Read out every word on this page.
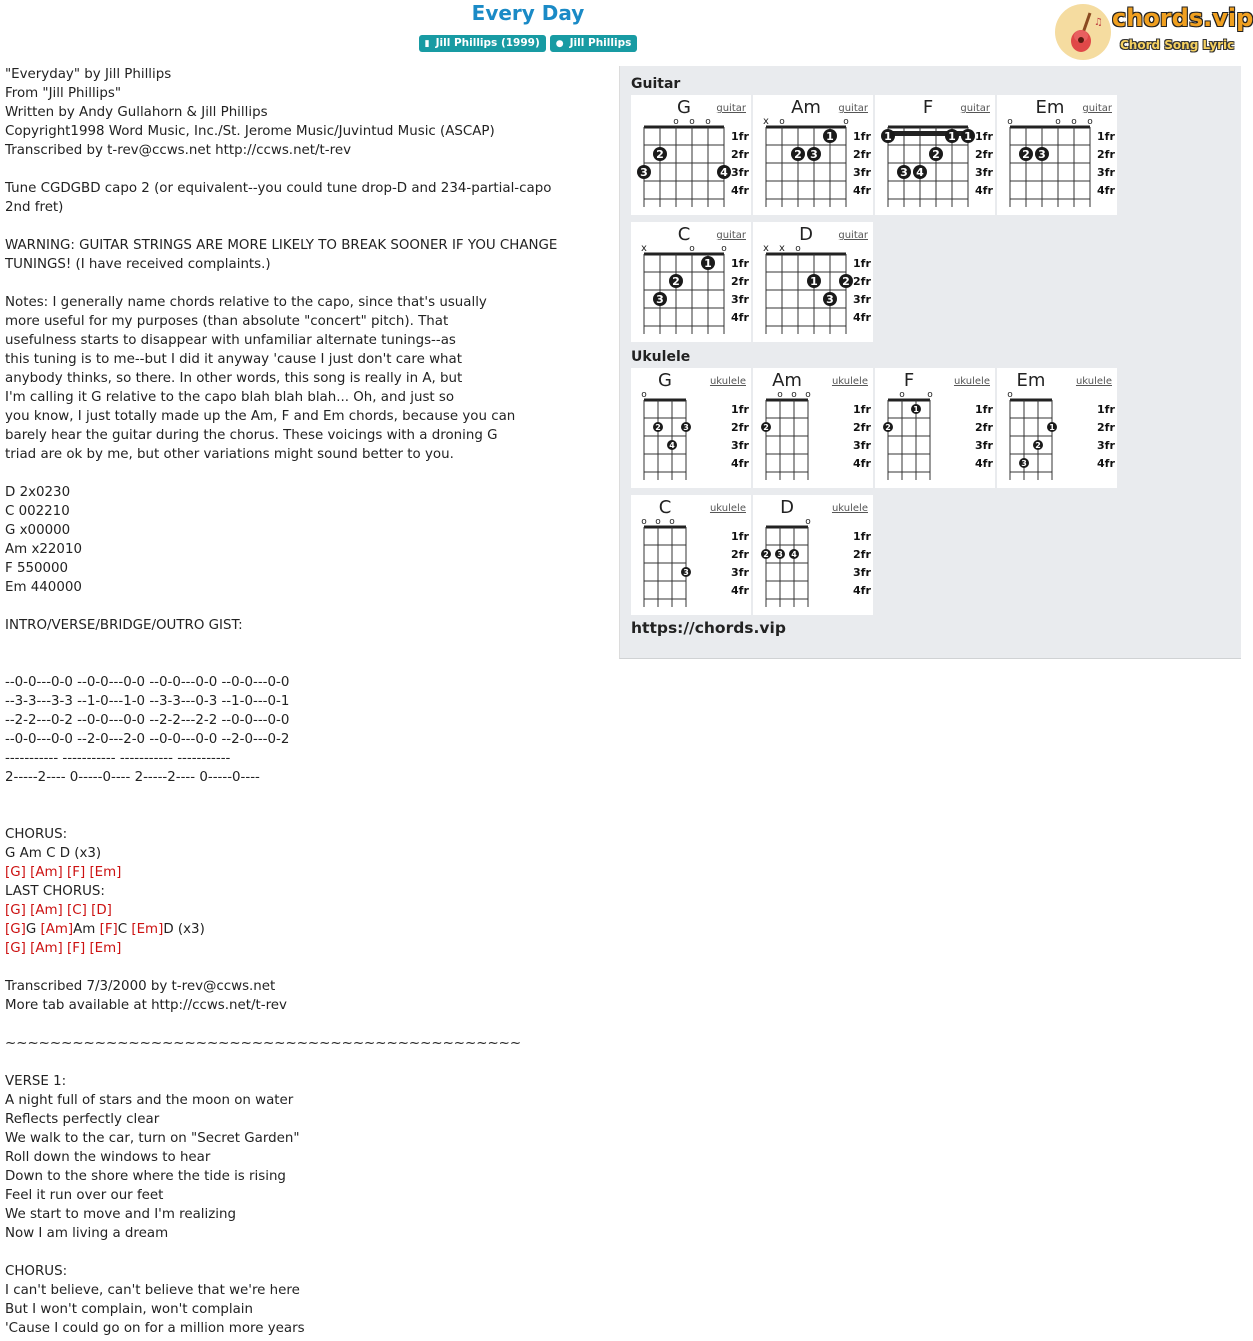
Every Day
▮ Jill Phillips (1999) ● Jill Phillips
♫ chords.vip
Chord Song Lyric
"Everyday" by Jill Phillips
From "Jill Phillips"
Written by Andy Gullahorn & Jill Phillips
Copyright1998 Word Music, Inc./St. Jerome Music/Juvintud Music (ASCAP)
Transcribed by t-rev@ccws.net http://ccws.net/t-rev

Tune CGDGBD capo 2 (or equivalent--you could tune drop-D and 234-partial-capo
2nd fret)

WARNING: GUITAR STRINGS ARE MORE LIKELY TO BREAK SOONER IF YOU CHANGE
TUNINGS! (I have received complaints.)

Notes: I generally name chords relative to the capo, since that's usually
more useful for my purposes (than absolute "concert" pitch). That
usefulness starts to disappear with unfamiliar alternate tunings--as
this tuning is to me--but I did it anyway 'cause I just don't care what
anybody thinks, so there. In other words, this song is really in A, but
I'm calling it G relative to the capo blah blah blah... Oh, and just so
you know, I just totally made up the Am, F and Em chords, because you can
barely hear the guitar during the chorus. These voicings with a droning G
triad are ok by me, but other variations might sound better to you.

D 2x0230
C 002210
G x00000
Am x22010
F 550000
Em 440000

INTRO/VERSE/BRIDGE/OUTRO GIST:

--0-0---0-0 --0-0---0-0 --0-0---0-0 --0-0---0-0
--3-3---3-3 --1-0---1-0 --3-3---0-3 --1-0---0-1
--2-2---0-2 --0-0---0-0 --2-2---2-2 --0-0---0-0
--0-0---0-0 --2-0---2-0 --0-0---0-0 --2-0---0-2
----------- ----------- ----------- -----------
2-----2---- 0-----0---- 2-----2---- 0-----0----

CHORUS:
G Am C D (x3)
[G] [Am] [F] [Em]
LAST CHORUS:
[G] [Am] [C] [D]
[G]G [Am]Am [F]C [Em]D (x3)
[G] [Am] [F] [Em]

Transcribed 7/3/2000 by t-rev@ccws.net
More tab available at http://ccws.net/t-rev

~~~~~~~~~~~~~~~~~~~~~~~~~~~~~~~~~~~~~~~~~~~~~~

VERSE 1:
A night full of stars and the moon on water
Reflects perfectly clear
We walk to the car, turn on "Secret Garden"
Roll down the windows to hear
Down to the shore where the tide is rising
Feel it run over our feet
We start to move and I'm realizing
Now I am living a dream

CHORUS:
I can't believe, can't believe that we're here
But I won't complain, won't complain
'Cause I could go on for a million more years

Guitar
Ukulele
G	guitar
1fr
2fr
3fr
4fr
o o o
2
3	4
Am guitar
1fr
2fr
3fr
4fr
x o	o
1
2 3
F	guitar
1fr
2fr
3fr
4fr
1	1 1
2
3 4
Em guitar
1fr
2fr
3fr
4fr
o	o o o
2 3
C	guitar
1fr
2fr
3fr
4fr
x	o	o
1
2
3
D	guitar
1fr
2fr
3fr
4fr
x x o
1 2
3
G	ukulele
1fr
2fr
3fr
4fr
o
2	3
4
Am	ukulele
1fr
2fr
3fr
4fr
o o o
2
F	ukulele
1fr
2fr
3fr
4fr
o o
1
2
Em	ukulele
1fr
2fr
3fr
4fr
o
1
2
3
C	ukulele
1fr
2fr
3fr
4fr
o o o
3
D	ukulele
1fr
2fr
3fr
4fr
o
2 3 4
https://chords.vip
